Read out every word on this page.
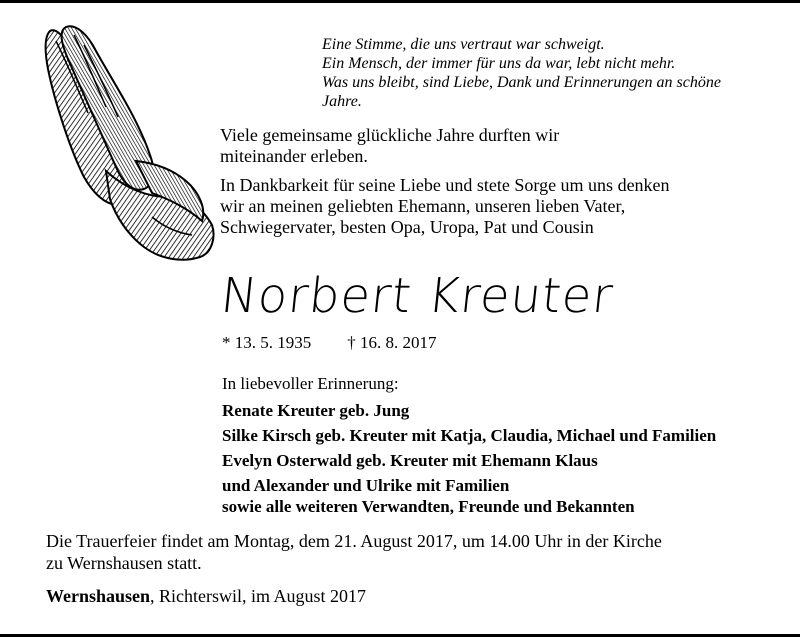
Eine Stimme, die uns vertraut war schweigt.
Ein Mensch, der immer für uns da war, lebt nicht mehr.
Was uns bleibt, sind Liebe, Dank und Erinnerungen an schöne
Jahre.

Viele gemeinsame glückliche Jahre durften wir miteinander erleben.

In Dankbarkeit für seine Liebe und stete Sorge um uns denken wir an meinen geliebten Ehemann, unseren lieben Vater, Schwiegervater, besten Opa, Uropa, Pat und Cousin

Norbert Kreuter
* 13. 5. 1935 † 16. 8. 2017
In liebevoller Erinnerung:
Renate Kreuter geb. Jung
Silke Kirsch geb. Kreuter mit Katja, Claudia, Michael und Familien
Evelyn Osterwald geb. Kreuter mit Ehemann Klaus
und Alexander und Ulrike mit Familien
sowie alle weiteren Verwandten, Freunde und Bekannten

Die Trauerfeier findet am Montag, dem 21. August 2017, um 14.00 Uhr in der Kirche zu Wernshausen statt.

Wernshausen, Richterswil, im August 2017
